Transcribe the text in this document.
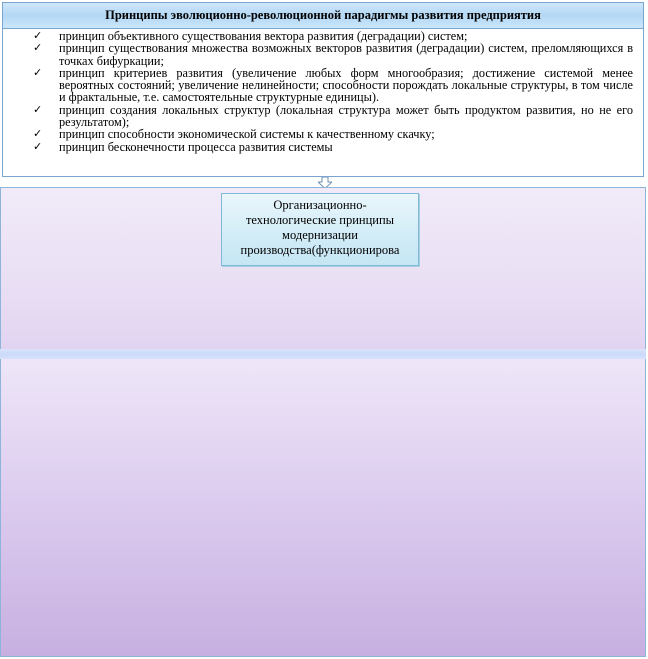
Принципы эволюционно-революционной парадигмы развития предприятия
✓	принцип объективного существования вектора развития (деградации) систем;
✓	принцип существования множества возможных векторов развития (деградации) систем, преломляющихся в точках бифуркации;
✓	принцип критериев развития (увеличение любых форм многообразия; достижение системой менее вероятных состояний; увеличение нелинейности; способности порождать локальные структуры, в том числе и фрактальные, т.е. самостоятельные структурные единицы).
✓	принцип создания локальных структур (локальная структура может быть продуктом развития, но не его результатом);
✓	принцип способности экономической системы к качественному скачку;
✓	принцип бесконечности процесса развития системы
Организационно-
технологические принципы
модернизации
производства(функционирова
